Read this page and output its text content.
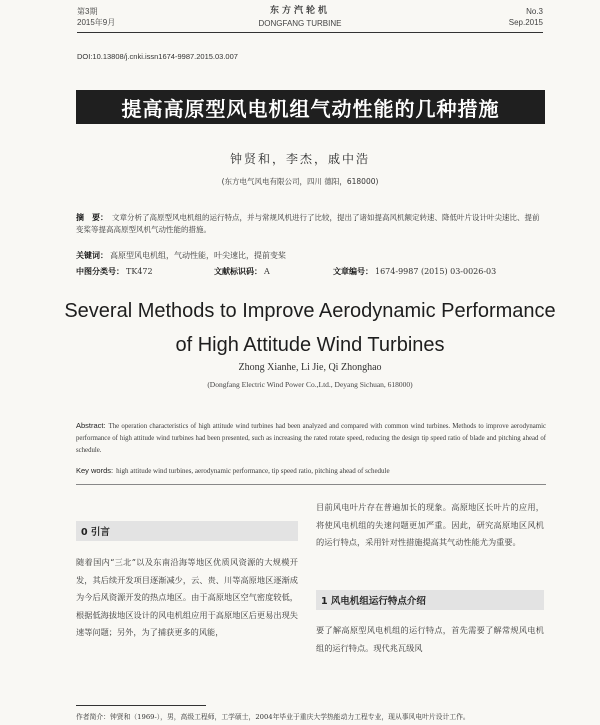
第3期
2015年9月
东方汽轮机
DONGFANG TURBINE
No.3
Sep.2015
DOI:10.13808/j.cnki.issn1674-9987.2015.03.007
提高高原型风电机组气动性能的几种措施
钟贤和，李杰，戚中浩
(东方电气风电有限公司，四川 德阳，618000)
摘　要： 文章分析了高原型风电机组的运行特点，并与常规风机进行了比较，提出了诸如提高风机额定转速、降低叶片设计叶尖速比、提前变桨等提高高原型风机气动性能的措施。
关键词： 高原型风电机组，气动性能，叶尖速比，提前变桨
中图分类号： TK472	文献标识码： A	文章编号： 1674-9987 (2015) 03-0026-03
Several Methods to Improve Aerodynamic Performance
of High Attitude Wind Turbines
Zhong Xianhe, Li Jie, Qi Zhonghao
(Dongfang Electric Wind Power Co.,Ltd., Deyang Sichuan, 618000)
Abstract: The operation characteristics of high attitude wind turbines had been analyzed and compared with common wind turbines. Methods to improve aerodynamic performance of high attitude wind turbines had been presented, such as increasing the rated rotate speed, reducing the design tip speed ratio of blade and pitching ahead of schedule.
Key words: high attitude wind turbines, aerodynamic performance, tip speed ratio, pitching ahead of schedule
0 引言
随着国内“三北”以及东南沿海等地区优质风资源的大规模开发，其后续开发项目逐渐减少，云、贵、川等高原地区逐渐成为今后风资源开发的热点地区。由于高原地区空气密度较低，根据低海拔地区设计的风电机组应用于高原地区后更易出现失速等问题；另外，为了捕获更多的风能，
目前风电叶片存在普遍加长的现象。高原地区长叶片的应用，将使风电机组的失速问题更加严重。因此，研究高原地区风机的运行特点，采用针对性措施提高其气动性能尤为重要。
1 风电机组运行特点介绍
要了解高原型风电机组的运行特点，首先需要了解常规风电机组的运行特点。现代兆瓦级风
作者简介：钟贤和（1969-），男，高级工程师，工学硕士，2004年毕业于重庆大学热能动力工程专业，现从事风电叶片设计工作。
